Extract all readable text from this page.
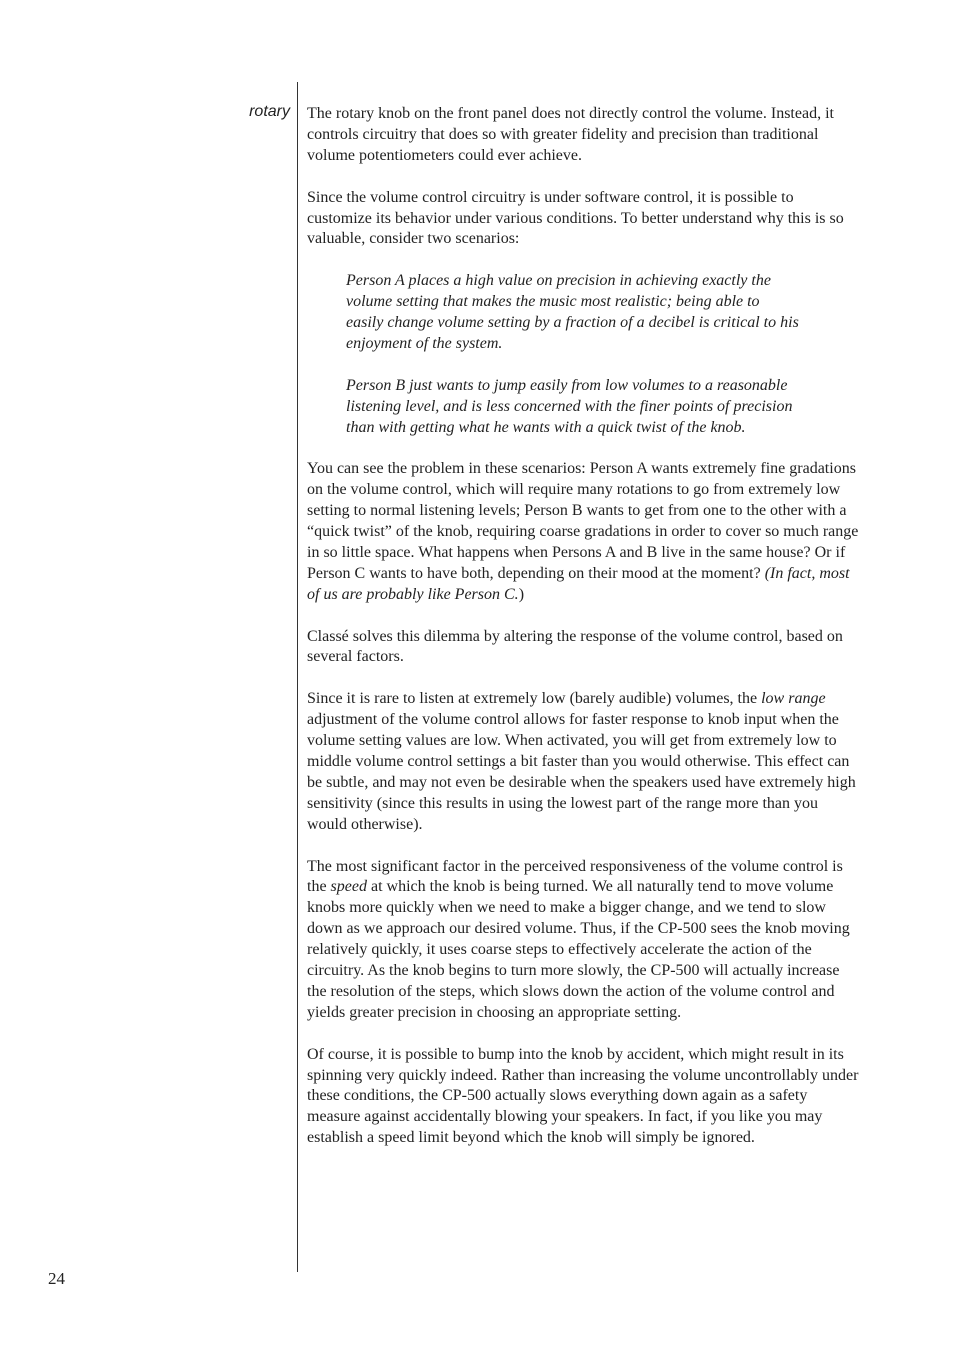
rotary The rotary knob on the front panel does not directly control the volume. Instead, it controls circuitry that does so with greater fidelity and precision than traditional volume potentiometers could ever achieve.

Since the volume control circuitry is under software control, it is possible to customize its behavior under various conditions. To better understand why this is so valuable, consider two scenarios:

Person A places a high value on precision in achieving exactly the volume setting that makes the music most realistic; being able to easily change volume setting by a fraction of a decibel is critical to his enjoyment of the system.

Person B just wants to jump easily from low volumes to a reasonable listening level, and is less concerned with the finer points of precision than with getting what he wants with a quick twist of the knob.

You can see the problem in these scenarios: Person A wants extremely fine gradations on the volume control, which will require many rotations to go from extremely low setting to normal listening levels; Person B wants to get from one to the other with a “quick twist” of the knob, requiring coarse gradations in order to cover so much range in so little space. What happens when Persons A and B live in the same house? Or if Person C wants to have both, depending on their mood at the moment? (In fact, most of us are probably like Person C.)

Classé solves this dilemma by altering the response of the volume control, based on several factors.

Since it is rare to listen at extremely low (barely audible) volumes, the low range adjustment of the volume control allows for faster response to knob input when the volume setting values are low. When activated, you will get from extremely low to middle volume control settings a bit faster than you would otherwise. This effect can be subtle, and may not even be desirable when the speakers used have extremely high sensitivity (since this results in using the lowest part of the range more than you would otherwise).

The most significant factor in the perceived responsiveness of the volume control is the speed at which the knob is being turned. We all naturally tend to move volume knobs more quickly when we need to make a bigger change, and we tend to slow down as we approach our desired volume. Thus, if the CP-500 sees the knob moving relatively quickly, it uses coarse steps to effectively accelerate the action of the circuitry. As the knob begins to turn more slowly, the CP-500 will actually increase the resolution of the steps, which slows down the action of the volume control and yields greater precision in choosing an appropriate setting.

Of course, it is possible to bump into the knob by accident, which might result in its spinning very quickly indeed. Rather than increasing the volume uncontrollably under these conditions, the CP-500 actually slows everything down again as a safety measure against accidentally blowing your speakers. In fact, if you like you may establish a speed limit beyond which the knob will simply be ignored.

24
